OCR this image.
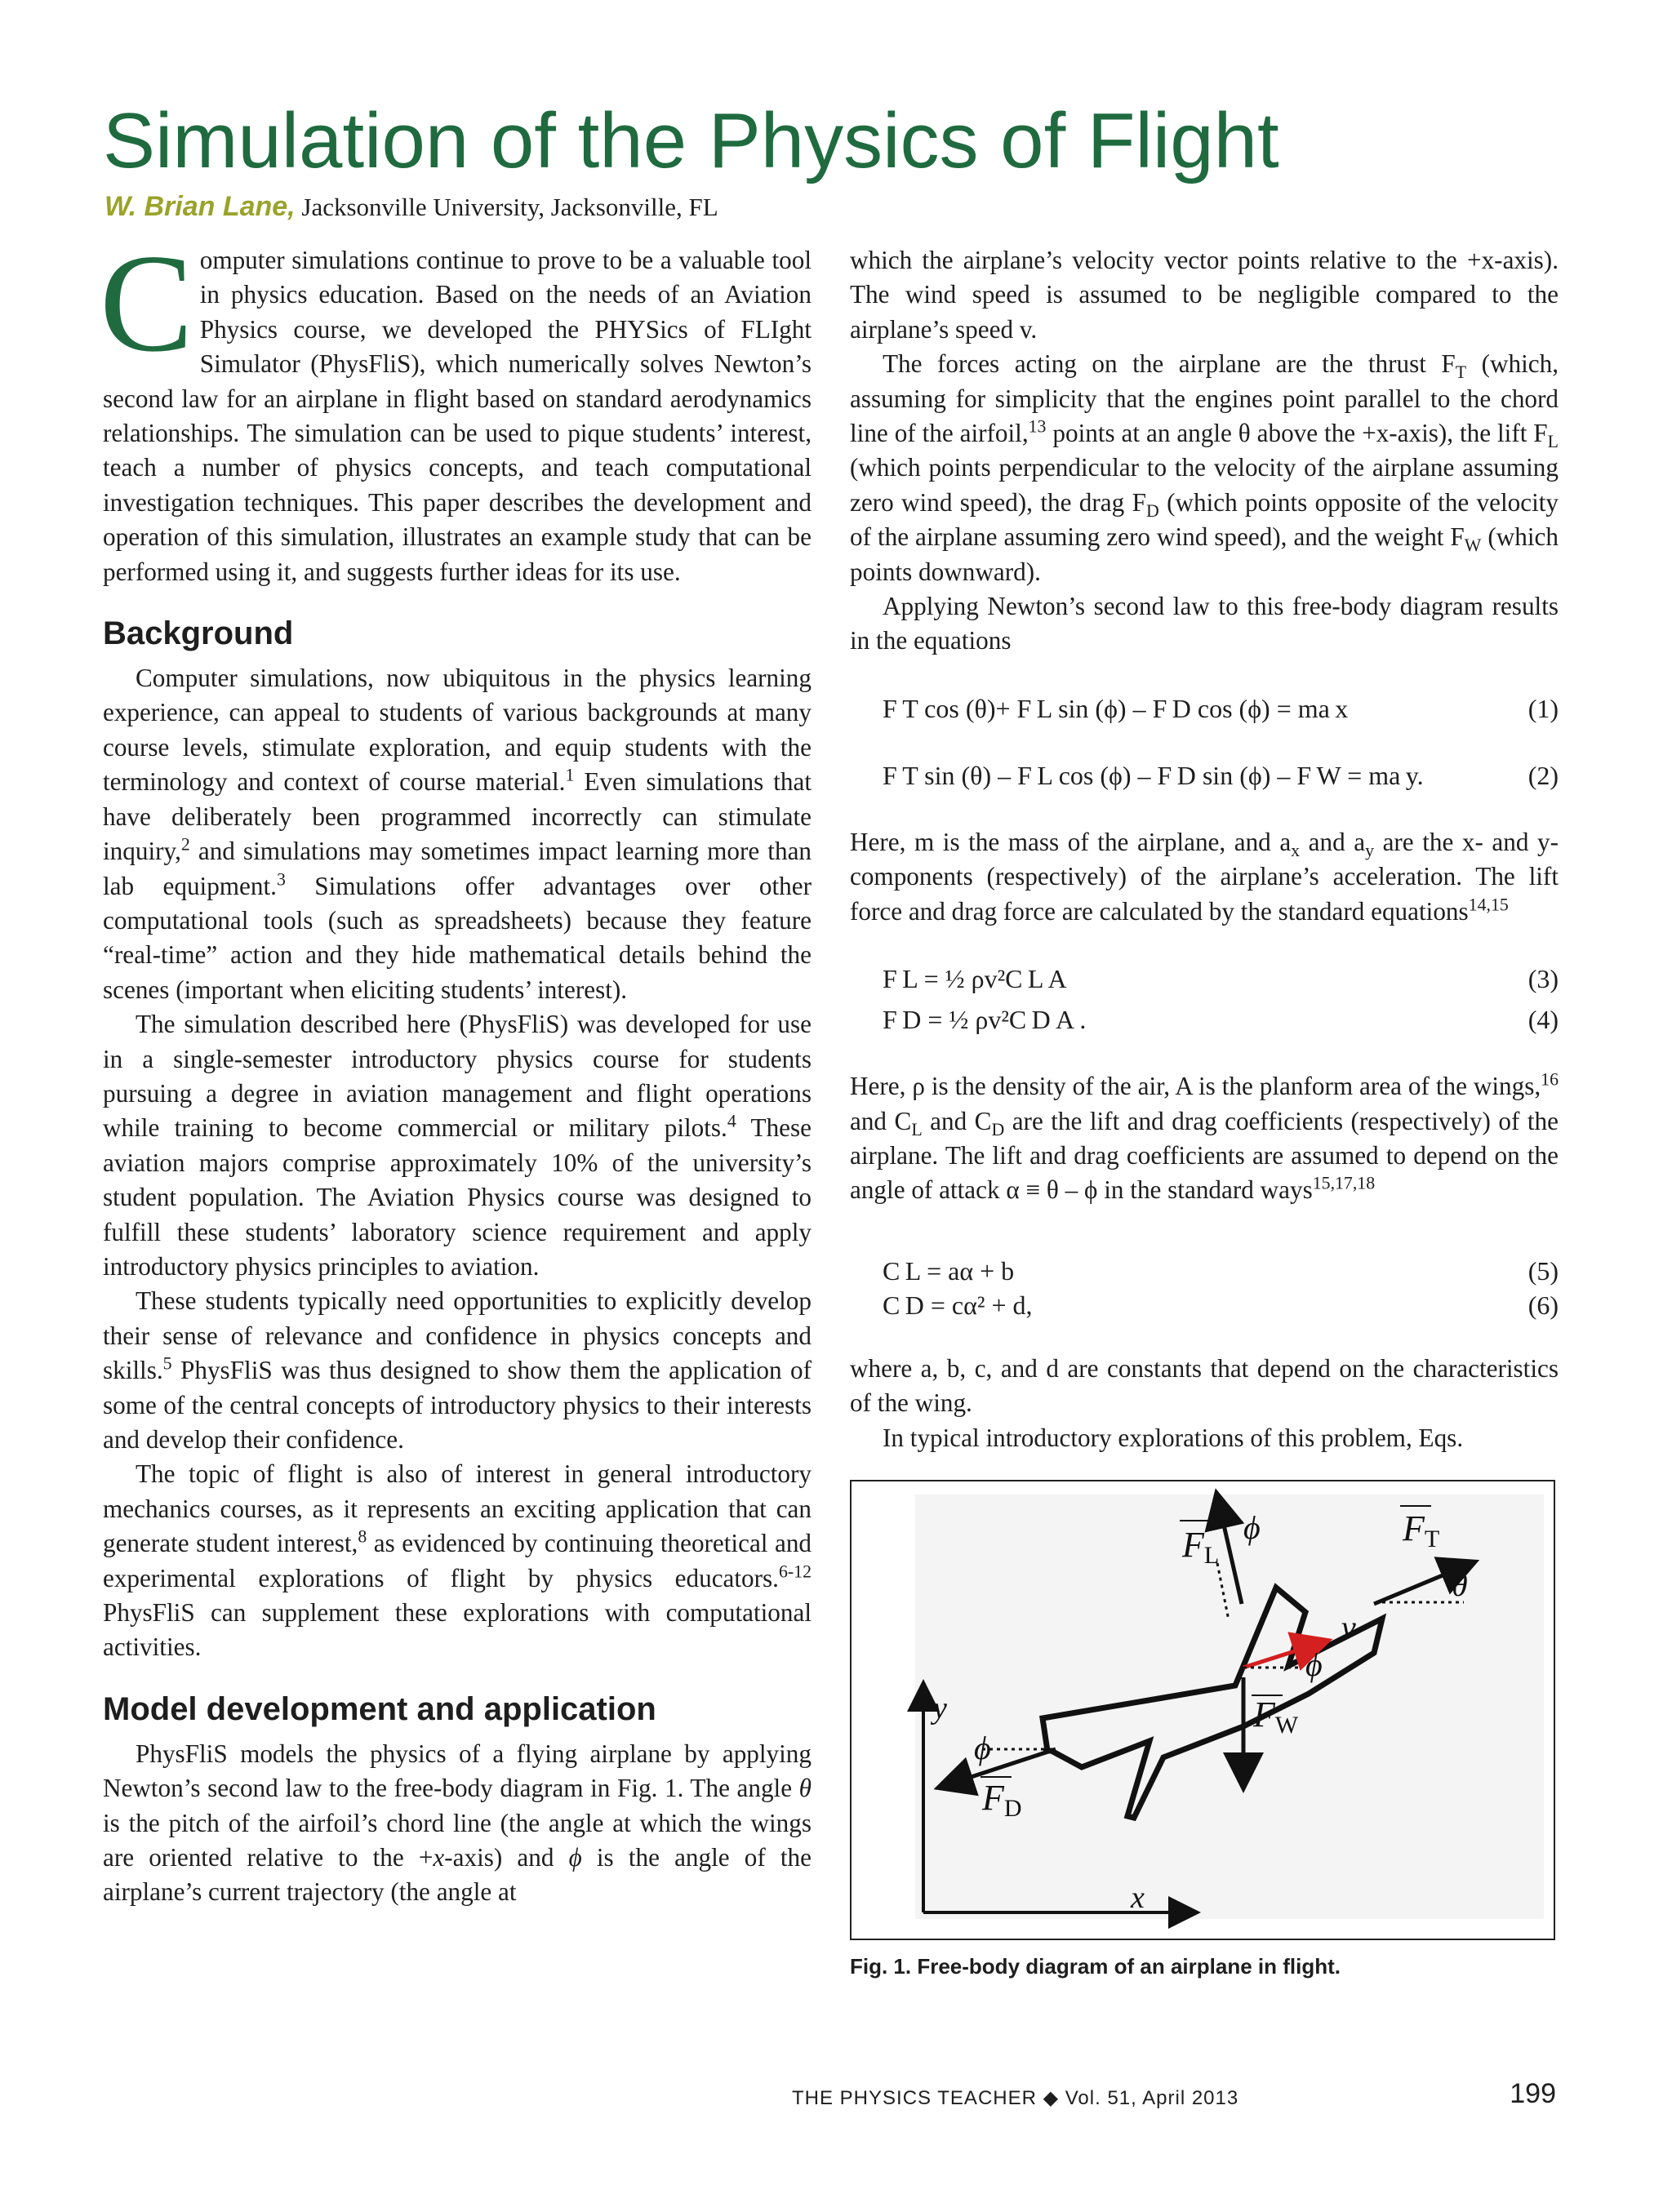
Simulation of the Physics of Flight
W. Brian Lane, Jacksonville University, Jacksonville, FL

Computer simulations continue to prove to be a valuable tool in physics education. Based on the needs of an Aviation Physics course, we developed the PHYSics of FLIght Simulator (PhysFliS), which numerically solves Newton’s second law for an airplane in flight based on standard aerodynamics relationships. The simulation can be used to pique students’ interest, teach a number of physics concepts, and teach computational investigation techniques. This paper describes the development and operation of this simulation, illustrates an example study that can be performed using it, and suggests further ideas for its use.

Background

Computer simulations, now ubiquitous in the physics learning experience, can appeal to students of various backgrounds at many course levels, stimulate exploration, and equip students with the terminology and context of course material.$^1$ Even simulations that have deliberately been programmed incorrectly can stimulate inquiry,$^2$ and simulations may sometimes impact learning more than lab equipment.$^3$ Simulations offer advantages over other computational tools (such as spreadsheets) because they feature “real-time” action and they hide mathematical details behind the scenes (important when eliciting students’ interest).

The simulation described here (PhysFliS) was developed for use in a single-semester introductory physics course for students pursuing a degree in aviation management and flight operations while training to become commercial or military pilots.$^4$ These aviation majors comprise approximately 10% of the university’s student population. The Aviation Physics course was designed to fulfill these students’ laboratory science requirement and apply introductory physics principles to aviation.

These students typically need opportunities to explicitly develop their sense of relevance and confidence in physics concepts and skills.$^5$ PhysFliS was thus designed to show them the application of some of the central concepts of introductory physics to their interests and develop their confidence.

The topic of flight is also of interest in general introductory mechanics courses, as it represents an exciting application that can generate student interest,$^8$ as evidenced by continuing theoretical and experimental explorations of flight by physics educators.$^{6-12}$ PhysFliS can supplement these explorations with computational activities.

Model development and application

PhysFliS models the physics of a flying airplane by applying Newton’s second law to the free-body diagram in Fig. 1. The angle θ is the pitch of the airfoil’s chord line (the angle at which the wings are oriented relative to the +x-axis) and ϕ is the angle of the airplane’s current trajectory (the angle at

which the airplane’s velocity vector points relative to the +x-axis). The wind speed is assumed to be negligible compared to the airplane’s speed v.

The forces acting on the airplane are the thrust $F_T$ (which, assuming for simplicity that the engines point parallel to the chord line of the airfoil,$^{13}$ points at an angle θ above the +x-axis), the lift $F_L$ (which points perpendicular to the velocity of the airplane assuming zero wind speed), the drag $F_D$ (which points opposite of the velocity of the airplane assuming zero wind speed), and the weight $F_W$ (which points downward).

Applying Newton’s second law to this free-body diagram results in the equations

F T cos (θ)+ F L sin (ϕ) – F D cos (ϕ) = ma x	(1)
F T sin (θ) – F L cos (ϕ) – F D sin (ϕ) – F W = ma y.	(2)

Here, m is the mass of the airplane, and $a_x$ and $a_y$ are the x- and y-components (respectively) of the airplane’s acceleration. The lift force and drag force are calculated by the standard equations$^{14,15}$

F L = ½ ρv²C L A	(3)
F D = ½ ρv²C D A .	(4)

Here, ρ is the density of the air, A is the planform area of the wings,$^{16}$ and $C_L$ and $C_D$ are the lift and drag coefficients (respectively) of the airplane. The lift and drag coefficients are assumed to depend on the angle of attack α ≡ θ – ϕ in the standard ways$^{15,17,18}$

C L = aα + b	(5)
C D = cα² + d,	(6)

where a, b, c, and d are constants that depend on the characteristics of the wing.

In typical introductory explorations of this problem, Eqs.

FL
ϕ	FT
θ
v
ϕ
FW
ϕ
FD
y
x
Fig. 1. Free-body diagram of an airplane in flight.
THE PHYSICS TEACHER ◆ Vol. 51, April 2013	199
